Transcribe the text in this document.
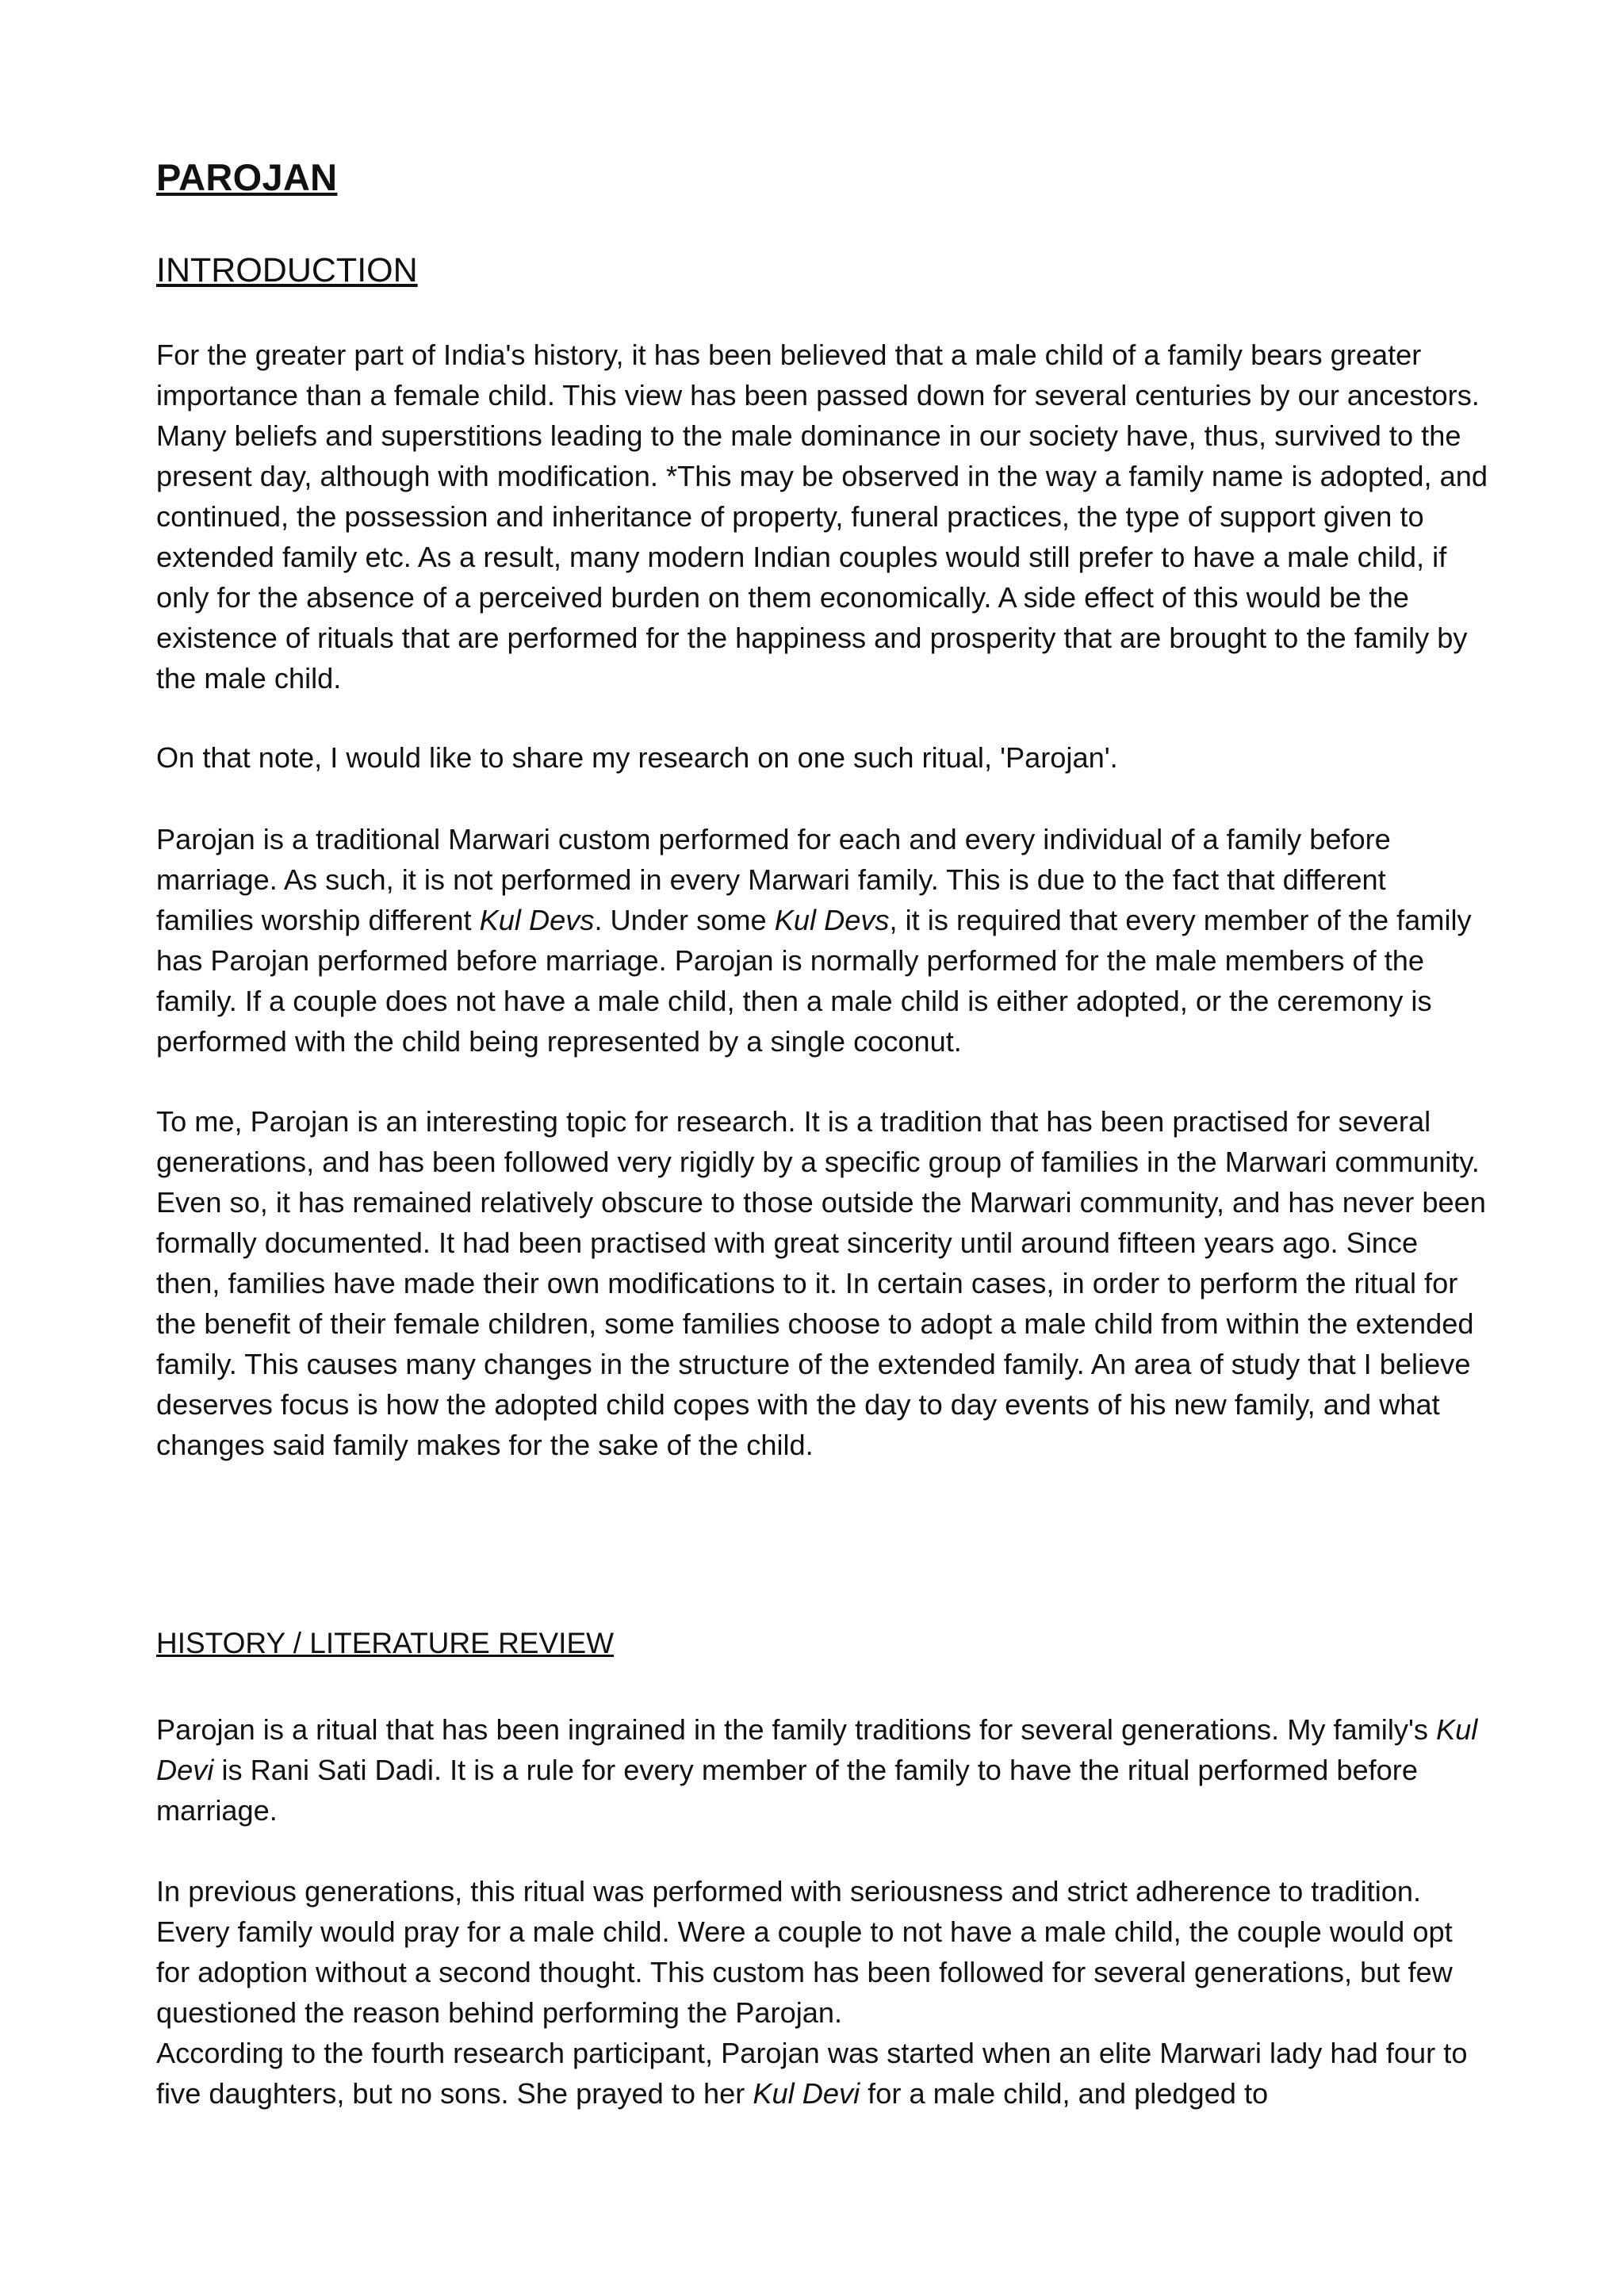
PAROJAN
INTRODUCTION

For the greater part of India's history, it has been believed that a male child of a family bears greater importance than a female child. This view has been passed down for several centuries by our ancestors. Many beliefs and superstitions leading to the male dominance in our society have, thus, survived to the present day, although with modification. *This may be observed in the way a family name is adopted, and continued, the possession and inheritance of property, funeral practices, the type of support given to extended family etc. As a result, many modern Indian couples would still prefer to have a male child, if only for the absence of a perceived burden on them economically. A side effect of this would be the existence of rituals that are performed for the happiness and prosperity that are brought to the family by the male child.

On that note, I would like to share my research on one such ritual, 'Parojan'.

Parojan is a traditional Marwari custom performed for each and every individual of a family before marriage. As such, it is not performed in every Marwari family. This is due to the fact that different families worship different Kul Devs. Under some Kul Devs, it is required that every member of the family has Parojan performed before marriage. Parojan is normally performed for the male members of the family. If a couple does not have a male child, then a male child is either adopted, or the ceremony is performed with the child being represented by a single coconut.

To me, Parojan is an interesting topic for research. It is a tradition that has been practised for several generations, and has been followed very rigidly by a specific group of families in the Marwari community. Even so, it has remained relatively obscure to those outside the Marwari community, and has never been formally documented. It had been practised with great sincerity until around fifteen years ago. Since then, families have made their own modifications to it. In certain cases, in order to perform the ritual for the benefit of their female children, some families choose to adopt a male child from within the extended family. This causes many changes in the structure of the extended family. An area of study that I believe deserves focus is how the adopted child copes with the day to day events of his new family, and what changes said family makes for the sake of the child.

HISTORY / LITERATURE REVIEW

Parojan is a ritual that has been ingrained in the family traditions for several generations. My family's Kul Devi is Rani Sati Dadi. It is a rule for every member of the family to have the ritual performed before marriage.

In previous generations, this ritual was performed with seriousness and strict adherence to tradition. Every family would pray for a male child. Were a couple to not have a male child, the couple would opt for adoption without a second thought. This custom has been followed for several generations, but few questioned the reason behind performing the Parojan.

According to the fourth research participant, Parojan was started when an elite Marwari lady had four to five daughters, but no sons. She prayed to her Kul Devi for a male child, and pledged to
